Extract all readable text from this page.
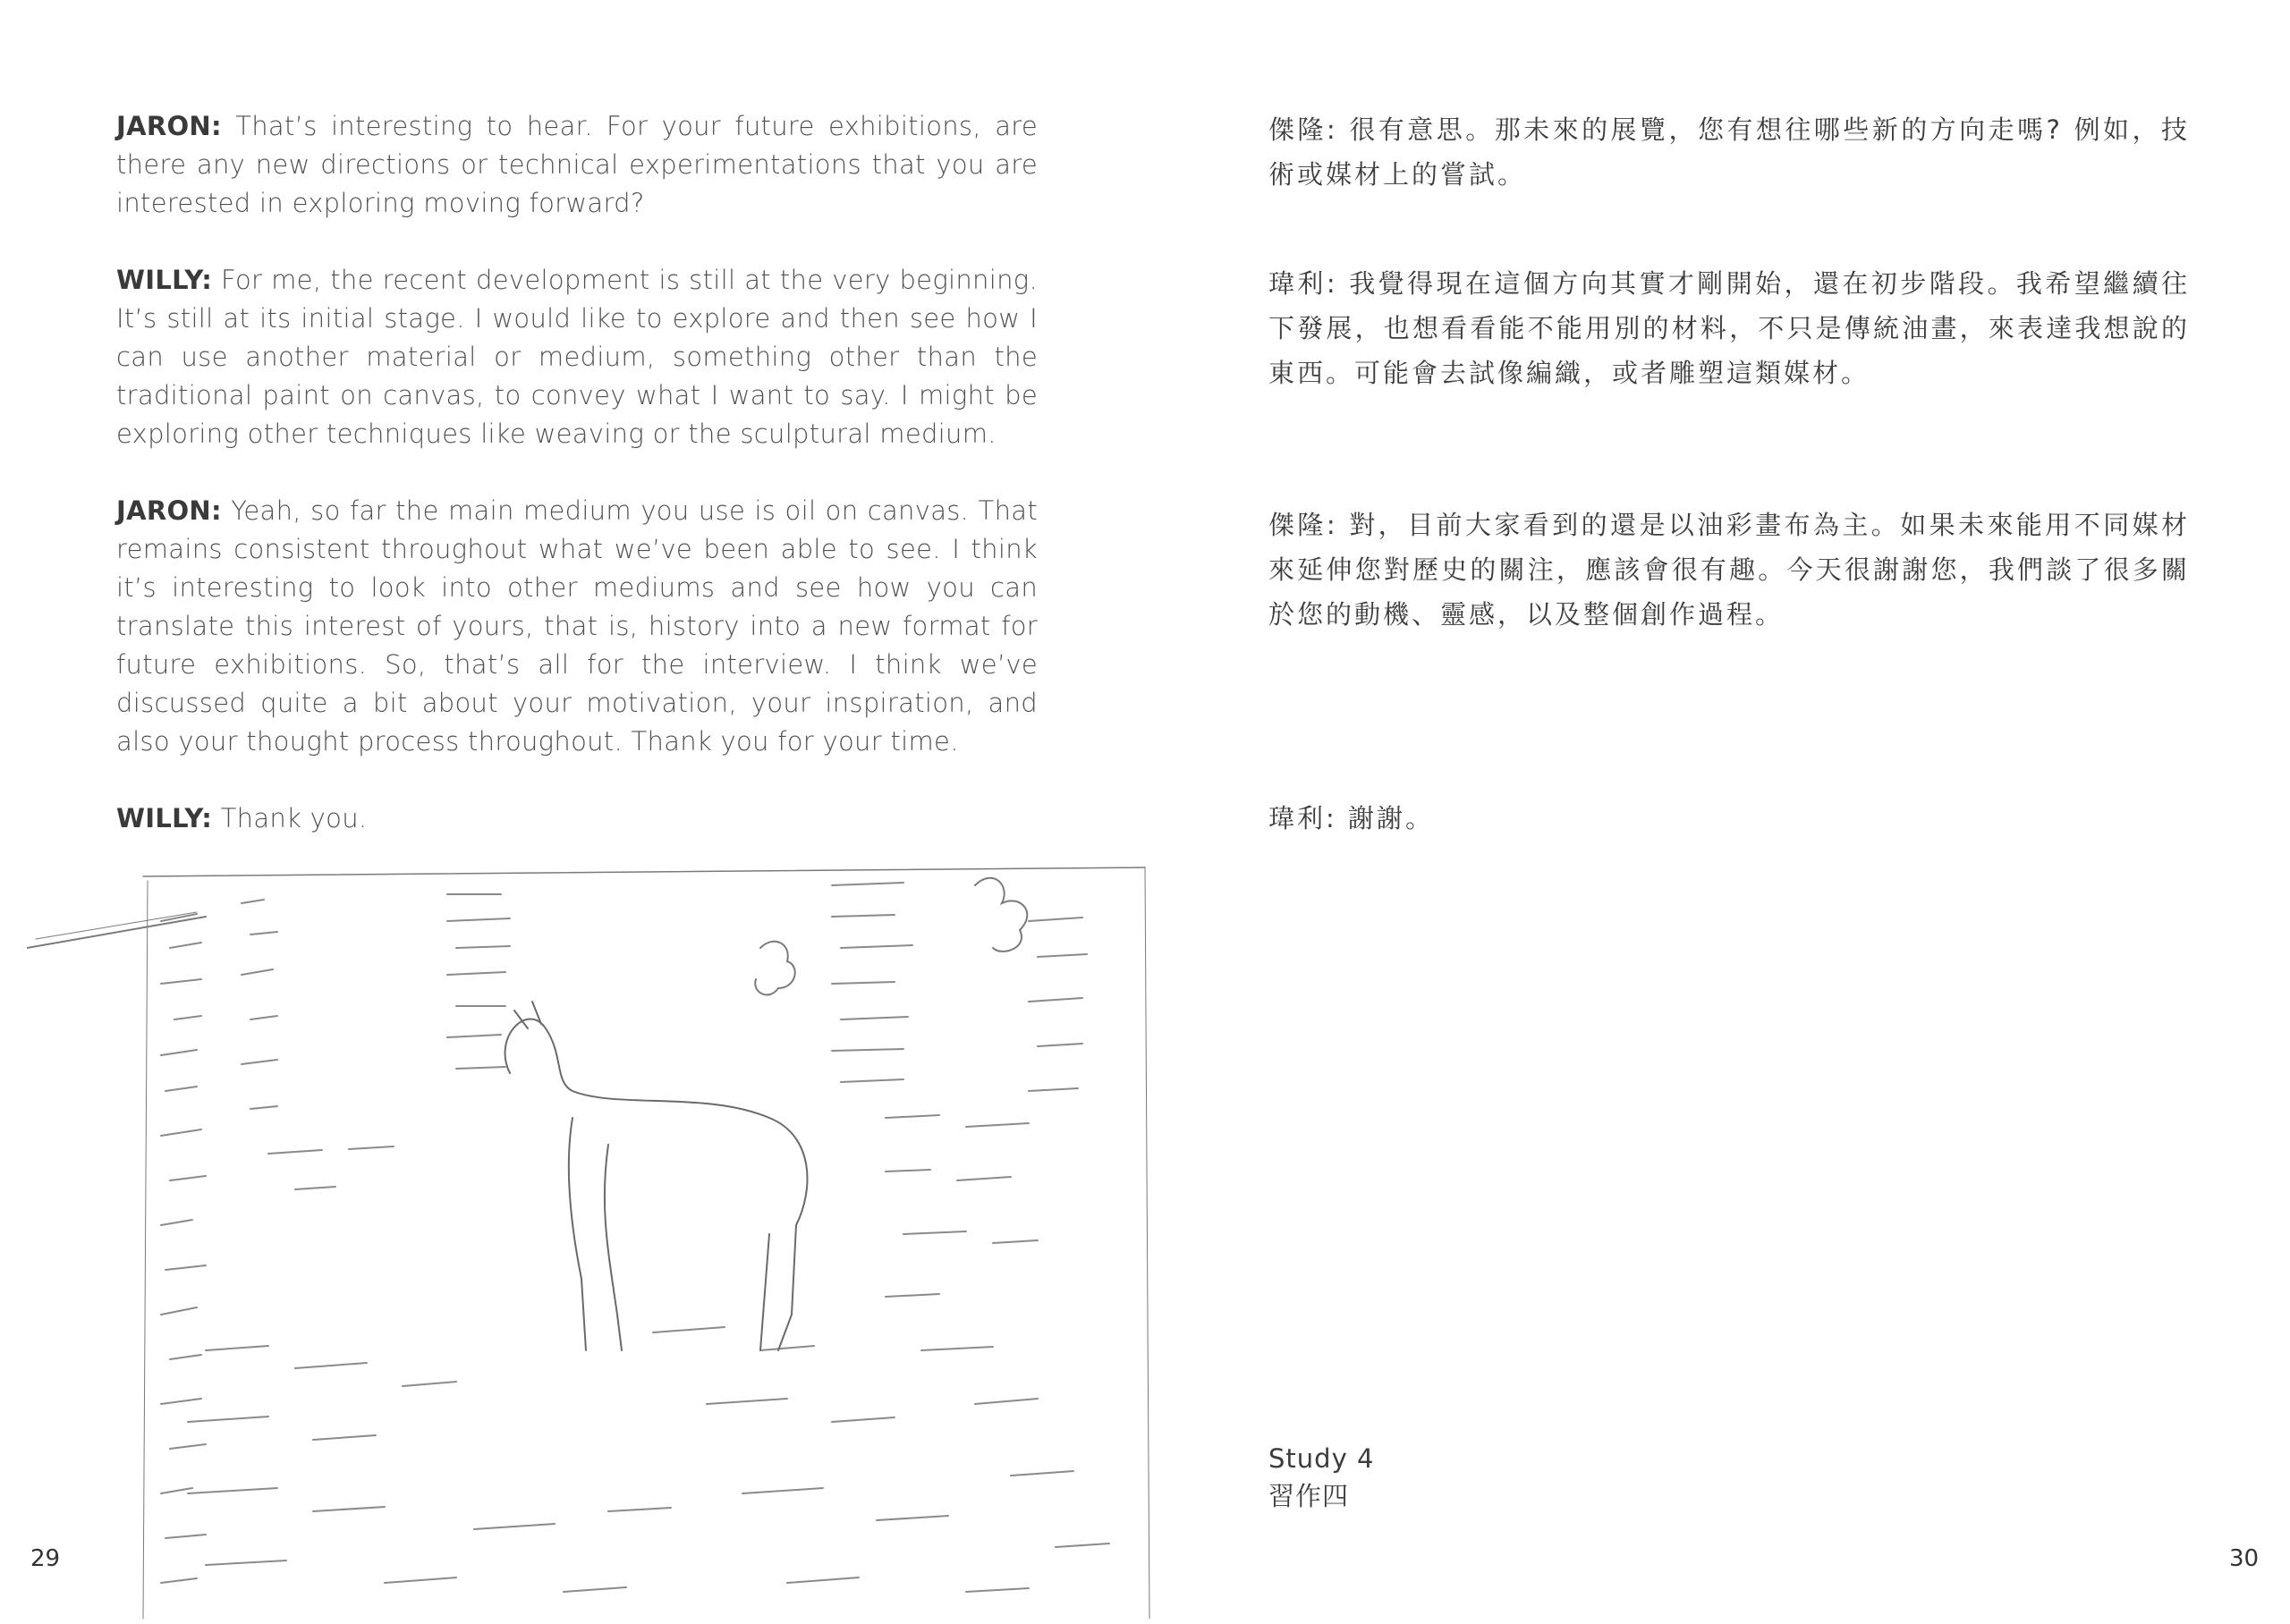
JARON: That’s interesting to hear. For your future exhibitions, are there any new directions or technical experimentations that you are interested in exploring moving forward?

WILLY: For me, the recent development is still at the very beginning. It’s still at its initial stage. I would like to explore and then see how I can use another material or medium, something other than the traditional paint on canvas, to convey what I want to say. I might be exploring other techniques like weaving or the sculptural medium.

JARON: Yeah, so far the main medium you use is oil on canvas. That remains consistent throughout what we’ve been able to see. I think it’s interesting to look into other mediums and see how you can translate this interest of yours, that is, history into a new format for future exhibitions. So, that’s all for the interview. I think we’ve discussed quite a bit about your motivation, your inspiration, and also your thought process throughout. Thank you for your time.

WILLY: Thank you.

傑隆: 很有意思。那未來的展覽，您有想往哪些新的方向走嗎? 例如，技術或媒材上的嘗試。

瑋利: 我覺得現在這個方向其實才剛開始，還在初步階段。我希望繼續往下發展，也想看看能不能用別的材料，不只是傳統油畫，來表達我想說的東西。可能會去試像編織，或者雕塑這類媒材。

傑隆: 對，目前大家看到的還是以油彩畫布為主。如果未來能用不同媒材來延伸您對歷史的關注，應該會很有趣。今天很謝謝您，我們談了很多關於您的動機、靈感，以及整個創作過程。

瑋利: 謝謝。

Study 4
習作四
29	30
